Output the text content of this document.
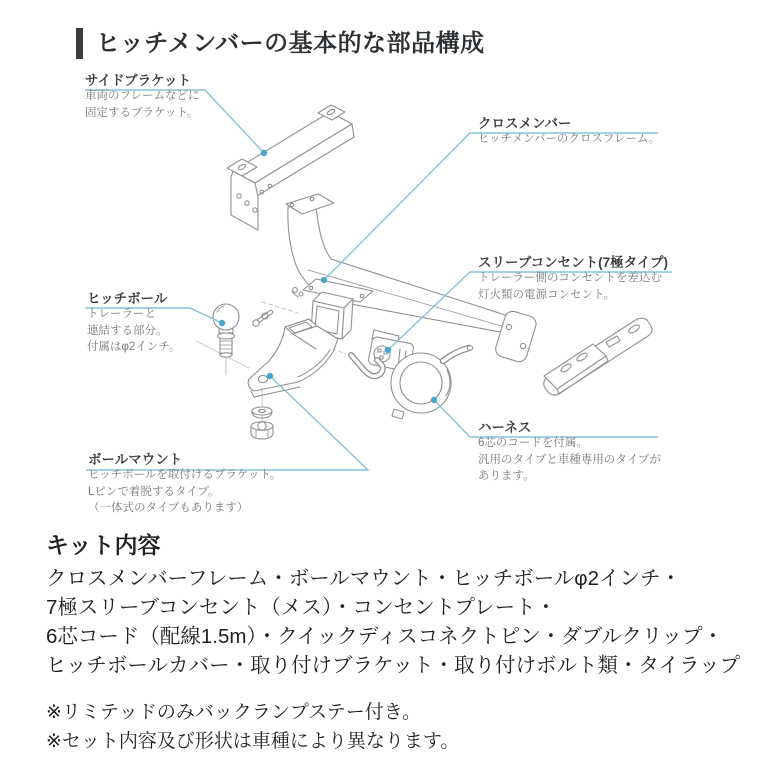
ヒッチメンバーの基本的な部品構成
サイドブラケット
車両のフレームなどに
固定するブラケット。
クロスメンバー
ヒッチメンバーのクロスフレーム。
スリーブコンセント(7極タイプ)
トレーラー側のコンセントを差込む
灯火類の電源コンセント。
ヒッチボール
トレーラーと
連結する部分。
付属はφ2インチ。
ボールマウント
ヒッチボールを取付けるブラケット。
Lピンで着脱するタイプ。
（一体式のタイプもあります）
ハーネス
6芯のコードを付属。
汎用のタイプと車種専用のタイプが
あります。
キット内容
クロスメンバーフレーム・ボールマウント・ヒッチボールφ2インチ・
7極スリーブコンセント（メス）・コンセントプレート・
6芯コード（配線1.5m）・クイックディスコネクトピン・ダブルクリップ・
ヒッチボールカバー・取り付けブラケット・取り付けボルト類・タイラップ
※リミテッドのみバックランプステー付き。
※セット内容及び形状は車種により異なります。
